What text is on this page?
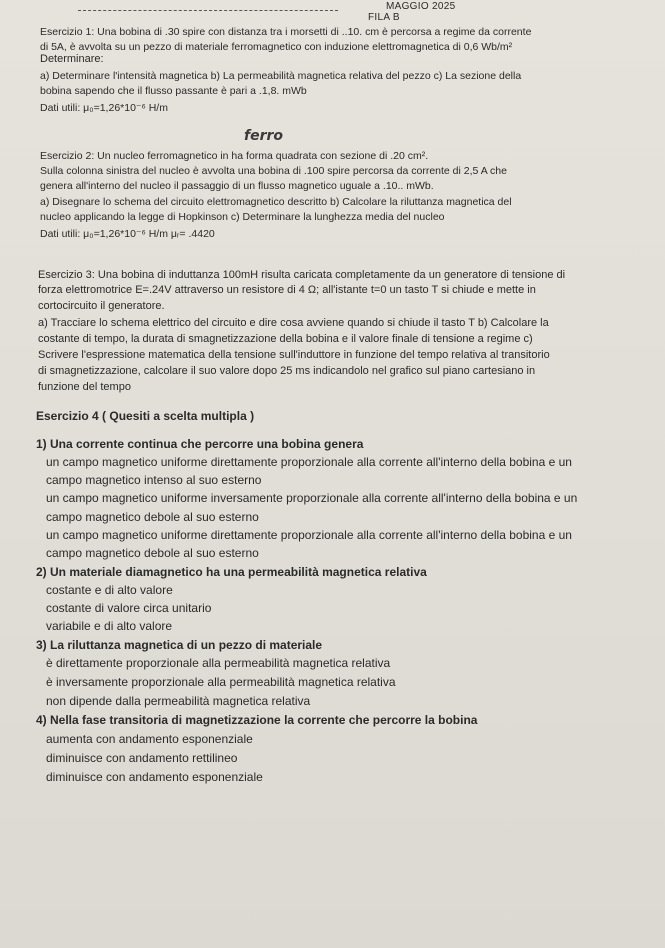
MAGGIO 2025
FILA B
Esercizio 1: Una bobina di .30 spire con distanza tra i morsetti di ..10. cm è percorsa a regime da corrente
di 5A, è avvolta su un pezzo di materiale ferromagnetico con induzione elettromagnetica di 0,6 Wb/m²
Determinare:
a) Determinare l'intensità magnetica b) La permeabilità magnetica relativa del pezzo c) La sezione della
bobina sapendo che il flusso passante è pari a .1,8. mWb
Dati utili: μ₀=1,26*10⁻⁶ H/m
ferro
Esercizio 2: Un nucleo ferromagnetico in ha forma quadrata con sezione di .20 cm².
Sulla colonna sinistra del nucleo è avvolta una bobina di .100 spire percorsa da corrente di 2,5 A che
genera all'interno del nucleo il passaggio di un flusso magnetico uguale a .10.. mWb.
a) Disegnare lo schema del circuito elettromagnetico descritto b) Calcolare la riluttanza magnetica del
nucleo applicando la legge di Hopkinson c) Determinare la lunghezza media del nucleo
Dati utili: μ₀=1,26*10⁻⁶ H/m μᵣ= .4420
Esercizio 3: Una bobina di induttanza 100mH risulta caricata completamente da un generatore di tensione di
forza elettromotrice E=.24V attraverso un resistore di 4 Ω; all'istante t=0 un tasto T si chiude e mette in
cortocircuito il generatore.
a) Tracciare lo schema elettrico del circuito e dire cosa avviene quando si chiude il tasto T b) Calcolare la
costante di tempo, la durata di smagnetizzazione della bobina e il valore finale di tensione a regime c)
Scrivere l'espressione matematica della tensione sull'induttore in funzione del tempo relativa al transitorio
di smagnetizzazione, calcolare il suo valore dopo 25 ms indicandolo nel grafico sul piano cartesiano in
funzione del tempo
Esercizio 4 ( Quesiti a scelta multipla )
1) Una corrente continua che percorre una bobina genera
un campo magnetico uniforme direttamente proporzionale alla corrente all'interno della bobina e un
campo magnetico intenso al suo esterno
un campo magnetico uniforme inversamente proporzionale alla corrente all'interno della bobina e un
campo magnetico debole al suo esterno
un campo magnetico uniforme direttamente proporzionale alla corrente all'interno della bobina e un
campo magnetico debole al suo esterno
2) Un materiale diamagnetico ha una permeabilità magnetica relativa
costante e di alto valore
costante di valore circa unitario
variabile e di alto valore
3) La riluttanza magnetica di un pezzo di materiale
è direttamente proporzionale alla permeabilità magnetica relativa
è inversamente proporzionale alla permeabilità magnetica relativa
non dipende dalla permeabilità magnetica relativa
4) Nella fase transitoria di magnetizzazione la corrente che percorre la bobina
aumenta con andamento esponenziale
diminuisce con andamento rettilineo
diminuisce con andamento esponenziale
